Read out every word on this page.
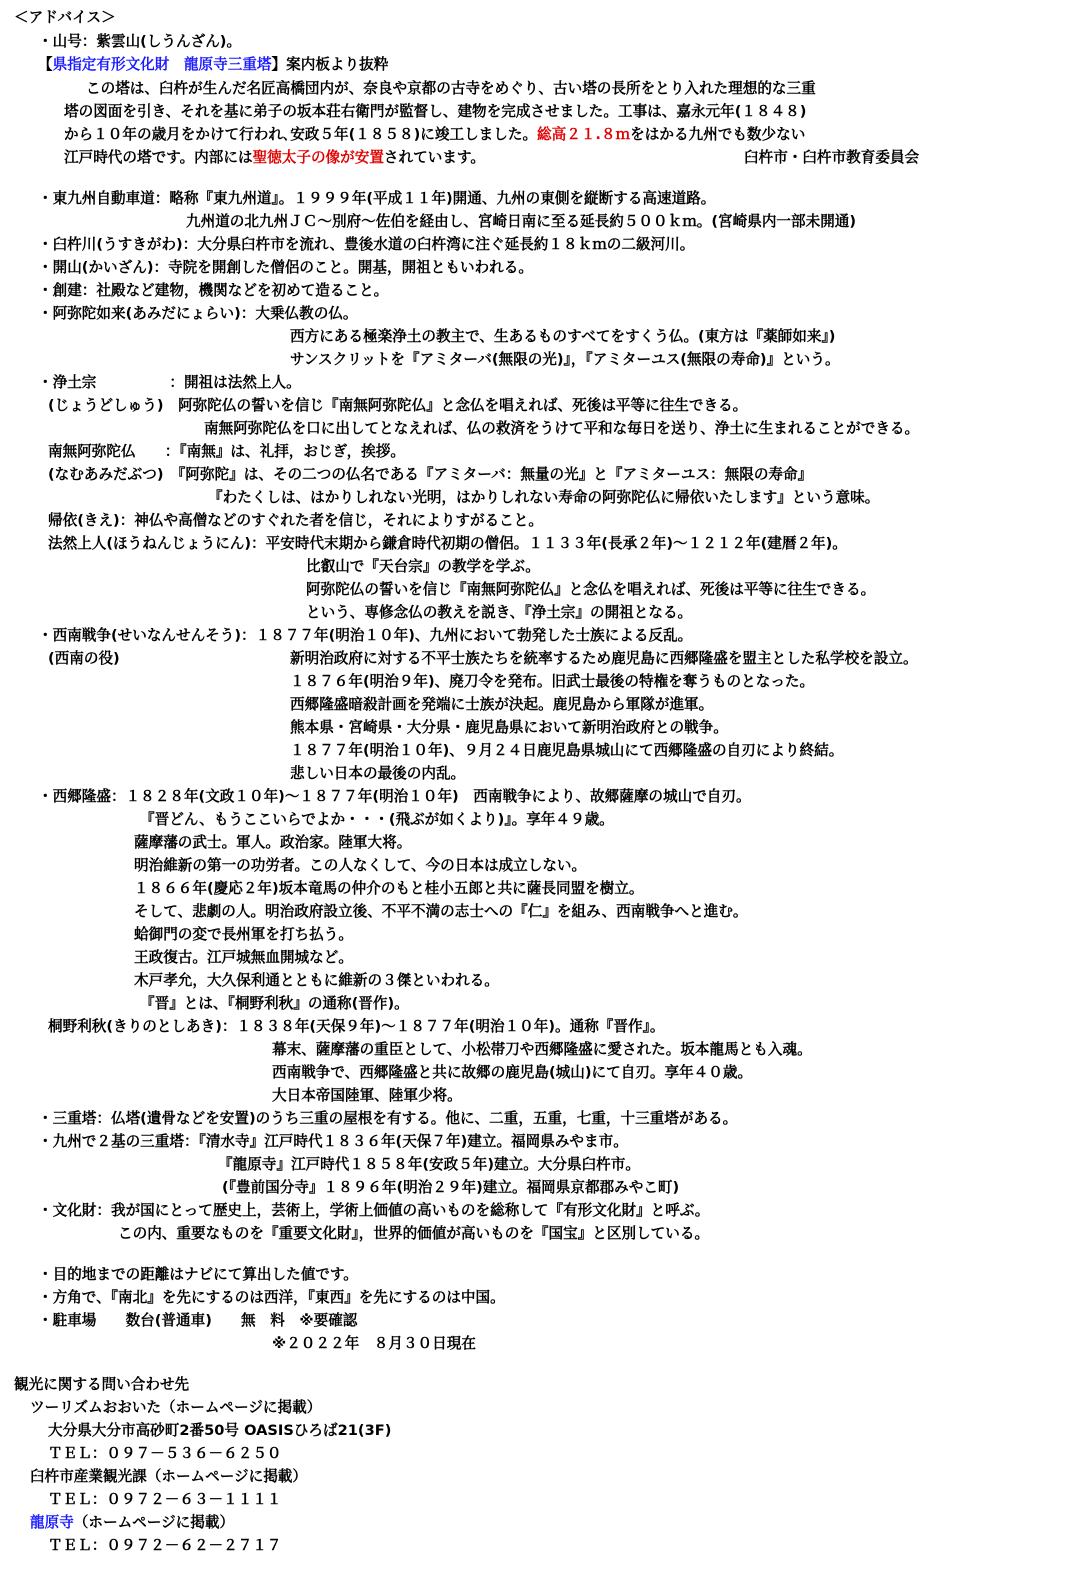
＜アドバイス＞
・山号：紫雲山(しうんざん)。
【県指定有形文化財　龍原寺三重塔】案内板より抜粋
この塔は、臼杵が生んだ名匠高橋団内が、奈良や京都の古寺をめぐり、古い塔の長所をとり入れた理想的な三重
塔の図面を引き、それを基に弟子の坂本荘右衛門が監督し、建物を完成させました。工事は、嘉永元年(１８４８)
から１０年の歳月をかけて行われ､安政５年(１８５８)に竣工しました。総高２１.８ｍをはかる九州でも数少ない
江戸時代の塔です。内部には聖徳太子の像が安置されています。	臼杵市・臼杵市教育委員会
・東九州自動車道：略称『東九州道』。１９９９年(平成１１年)開通、九州の東側を縦断する高速道路。
九州道の北九州ＪＣ～別府～佐伯を経由し、宮崎日南に至る延長約５００ｋｍ。(宮崎県内一部未開通)
・臼杵川(うすきがわ)：大分県臼杵市を流れ、豊後水道の臼杵湾に注ぐ延長約１８ｋｍの二級河川。
・開山(かいざん)：寺院を開創した僧侶のこと。開基，開祖ともいわれる。
・創建：社殿など建物，機関などを初めて造ること。
・阿弥陀如来(あみだにょらい)：大乗仏教の仏。
西方にある極楽浄土の教主で、生あるものすべてをすくう仏。(東方は『薬師如来』)
サンスクリットを『アミターバ(無限の光)』，『アミターユス(無限の寿命)』という。
・浄土宗　　　　　：開祖は法然上人。
(じょうどしゅう)　阿弥陀仏の誓いを信じ『南無阿弥陀仏』と念仏を唱えれば、死後は平等に往生できる。
南無阿弥陀仏を口に出してとなえれば、仏の救済をうけて平和な毎日を送り、浄土に生まれることができる。
南無阿弥陀仏　　：『南無』は、礼拝，おじぎ，挨拶。
(なむあみだぶつ)　『阿弥陀』は、その二つの仏名である『アミターバ：無量の光』と『アミターユス：無限の寿命』
『わたくしは、はかりしれない光明，はかりしれない寿命の阿弥陀仏に帰依いたします』という意味。
帰依(きえ)：神仏や高僧などのすぐれた者を信じ，それによりすがること。
法然上人(ほうねんじょうにん)：平安時代末期から鎌倉時代初期の僧侶。１１３３年(長承２年)～１２１２年(建暦２年)。
比叡山で『天台宗』の教学を学ぶ。
阿弥陀仏の誓いを信じ『南無阿弥陀仏』と念仏を唱えれば、死後は平等に往生できる。
という、専修念仏の教えを説き、『浄土宗』の開祖となる。
・西南戦争(せいなんせんそう)：１８７７年(明治１０年)、九州において勃発した士族による反乱。
(西南の役)	新明治政府に対する不平士族たちを統率するため鹿児島に西郷隆盛を盟主とした私学校を設立。
１８７６年(明治９年)、廃刀令を発布。旧武士最後の特権を奪うものとなった。
西郷隆盛暗殺計画を発端に士族が決起。鹿児島から軍隊が進軍。
熊本県・宮崎県・大分県・鹿児島県において新明治政府との戦争。
１８７７年(明治１０年)、９月２４日鹿児島県城山にて西郷隆盛の自刃により終結。
悲しい日本の最後の内乱。
・西郷隆盛：１８２８年(文政１０年)～１８７７年(明治１０年)　西南戦争により、故郷薩摩の城山で自刃。
『晋どん、もうここいらでよか・・・(飛ぶが如くより)』。享年４９歳。
薩摩藩の武士。軍人。政治家。陸軍大将。
明治維新の第一の功労者。この人なくして、今の日本は成立しない。
１８６６年(慶応２年)坂本竜馬の仲介のもと桂小五郎と共に薩長同盟を樹立。
そして、悲劇の人。明治政府設立後、不平不満の志士への『仁』を組み、西南戦争へと進む。
蛤御門の変で長州軍を打ち払う。
王政復古。江戸城無血開城など。
木戸孝允，大久保利通とともに維新の３傑といわれる。
『晋』とは、『桐野利秋』の通称(晋作)。
桐野利秋(きりのとしあき)：１８３８年(天保９年)～１８７７年(明治１０年)。通称『晋作』。
幕末、薩摩藩の重臣として、小松帯刀や西郷隆盛に愛された。坂本龍馬とも入魂。
西南戦争で、西郷隆盛と共に故郷の鹿児島(城山)にて自刃。享年４０歳。
大日本帝国陸軍、陸軍少将。
・三重塔：仏塔(遺骨などを安置)のうち三重の屋根を有する。他に、二重，五重，七重，十三重塔がある。
・九州で２基の三重塔：『清水寺』江戸時代１８３６年(天保７年)建立。福岡県みやま市。
『龍原寺』江戸時代１８５８年(安政５年)建立。大分県臼杵市。
(『豊前国分寺』１８９６年(明治２９年)建立。福岡県京都郡みやこ町)
・文化財：我が国にとって歴史上，芸術上，学術上価値の高いものを総称して『有形文化財』と呼ぶ。
この内、重要なものを『重要文化財』，世界的価値が高いものを『国宝』と区別している。
・目的地までの距離はナビにて算出した値です。
・方角で、『南北』を先にするのは西洋，『東西』を先にするのは中国。
・駐車場　　数台(普通車)　　無　料　※要確認
※２０２２年　８月３０日現在
観光に関する問い合わせ先
ツーリズムおおいた（ホームページに掲載）
大分県大分市高砂町2番50号 OASISひろば21(3F)
ＴＥＬ：０９７－５３６－６２５０
臼杵市産業観光課（ホームページに掲載）
ＴＥＬ：０９７２－６３－１１１１
龍原寺（ホームページに掲載）
ＴＥＬ：０９７２－６２－２７１７
